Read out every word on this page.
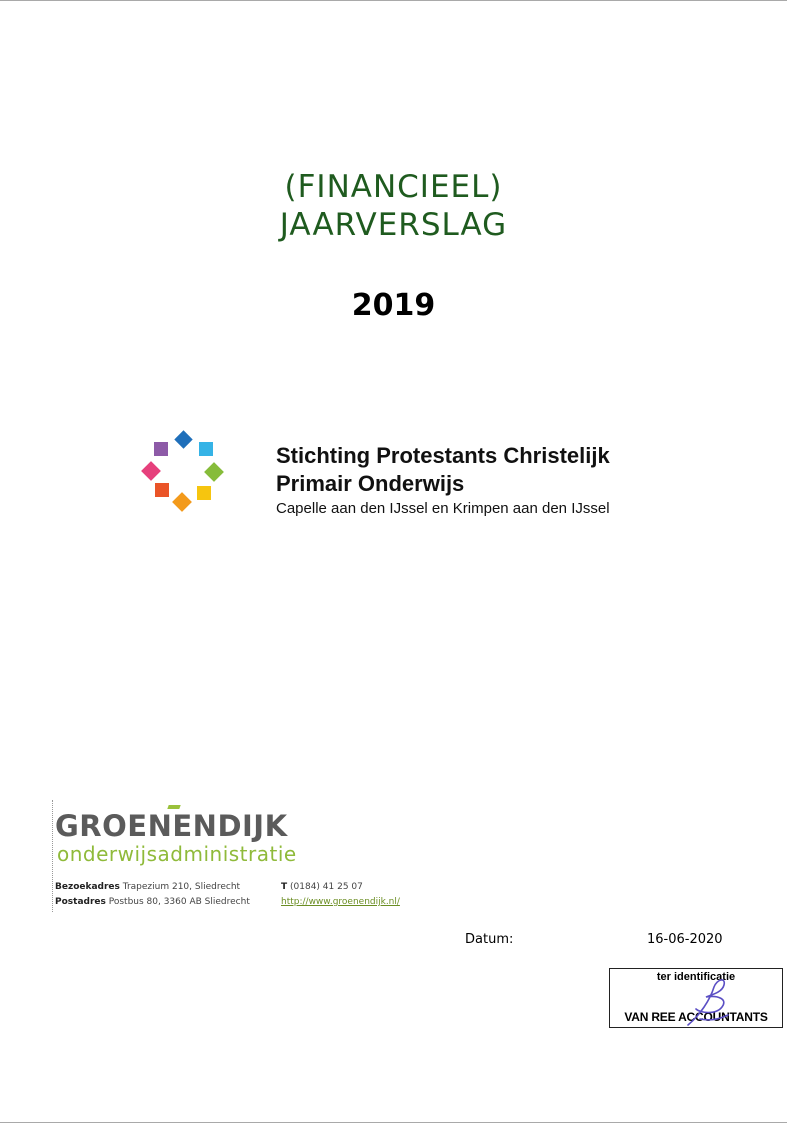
(FINANCIEEL)
JAARVERSLAG
2019
Stichting Protestants Christelijk
Primair Onderwijs
Capelle aan den IJssel en Krimpen aan den IJssel
GROENENDIJK
onderwijsadministratie
Bezoekadres Trapezium 210, Sliedrecht
Postadres Postbus 80, 3360 AB Sliedrecht
T (0184) 41 25 07
http://www.groenendijk.nl/
Datum:	16-06-2020
ter identificatie
VAN REE ACCOUNTANTS
